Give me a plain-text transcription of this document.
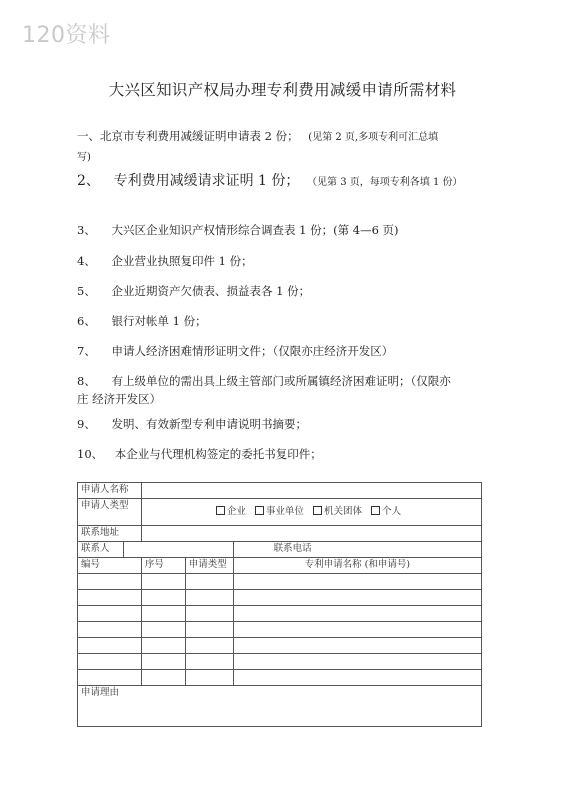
120资料
大兴区知识产权局办理专利费用减缓申请所需材料
一、北京市专利费用减缓证明申请表 2 份； (见第 2 页,多项专利可汇总填
写)
2、 专利费用减缓请求证明 1 份； （见第 3 页，每项专利各填 1 份）
3、 大兴区企业知识产权情形综合调查表 1 份；(第 4—6 页)
4、 企业营业执照复印件 1 份；
5、 企业近期资产欠债表、损益表各 1 份；
6、 银行对帐单 1 份；
7、 申请人经济困难情形证明文件；（仅限亦庄经济开发区）
8、 有上级单位的需出具上级主管部门或所属镇经济困难证明；（仅限亦
庄 经济开发区）
9、 发明、有效新型专利申请说明书摘要；
10、 本企业与代理机构签定的委托书复印件；
申请人名称				
申请人类型		企业 事业单位 机关团体 个人		
联系地址				
联系人				联系电话
编号		序号	申请类型	专利申请名称 (和申请号)

申请理由				
